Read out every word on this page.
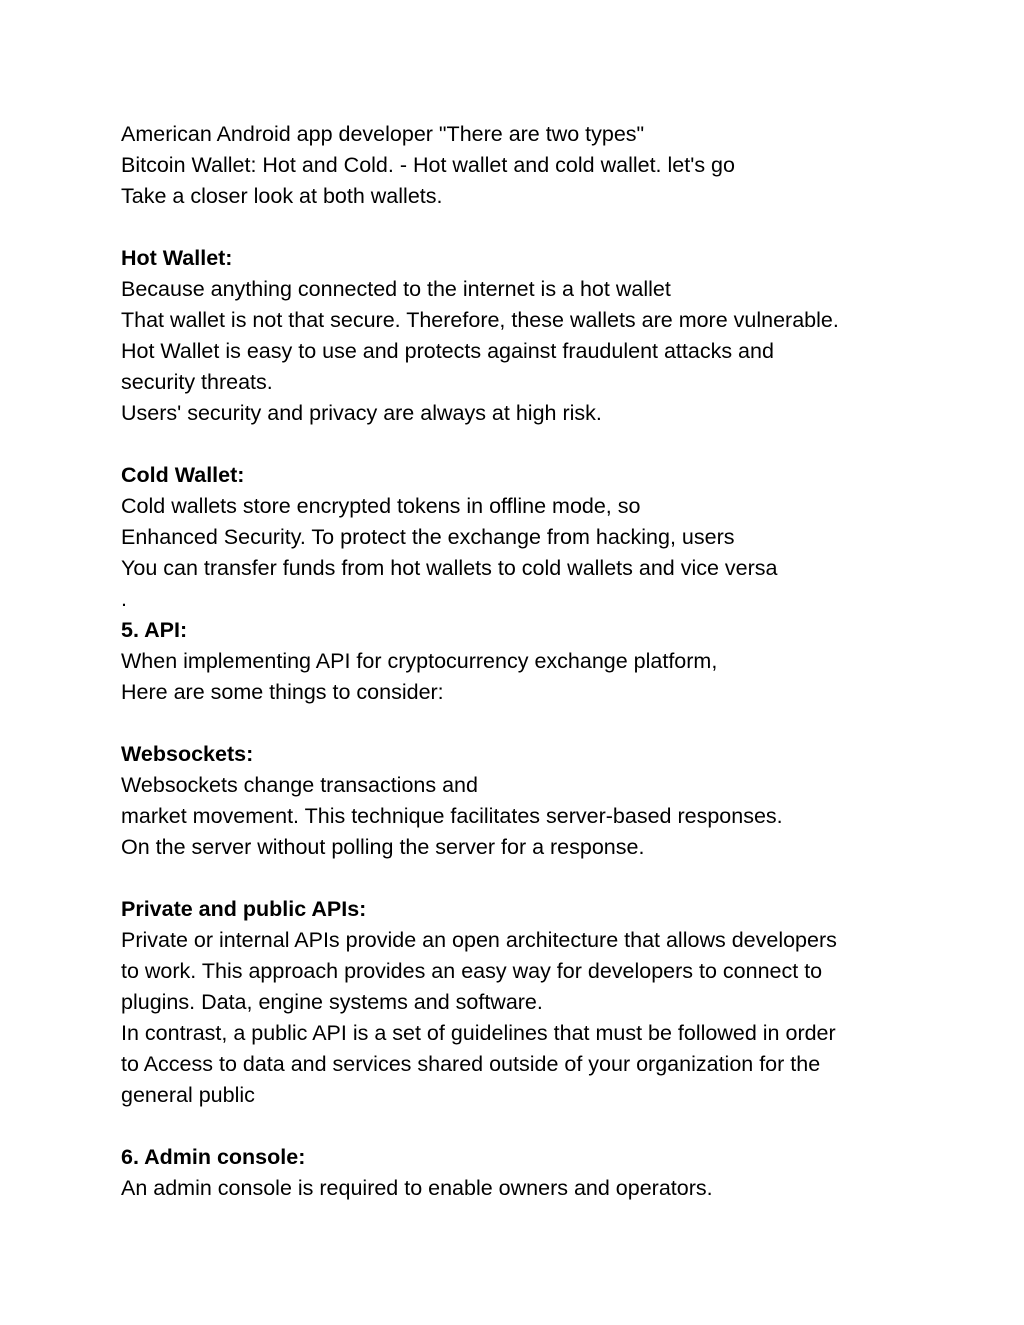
American Android app developer "There are two types"
Bitcoin Wallet: Hot and Cold. - Hot wallet and cold wallet. let's go
Take a closer look at both wallets.
Hot Wallet:
Because anything connected to the internet is a hot wallet
That wallet is not that secure. Therefore, these wallets are more vulnerable.
Hot Wallet is easy to use and protects against fraudulent attacks and
security threats.
Users' security and privacy are always at high risk.
Cold Wallet:
Cold wallets store encrypted tokens in offline mode, so
Enhanced Security. To protect the exchange from hacking, users
You can transfer funds from hot wallets to cold wallets and vice versa
.
5. API:
When implementing API for cryptocurrency exchange platform,
Here are some things to consider:
Websockets:
Websockets change transactions and
market movement. This technique facilitates server-based responses.
On the server without polling the server for a response.
Private and public APIs:
Private or internal APIs provide an open architecture that allows developers
to work. This approach provides an easy way for developers to connect to
plugins. Data, engine systems and software.
In contrast, a public API is a set of guidelines that must be followed in order
to Access to data and services shared outside of your organization for the
general public
6. Admin console:
An admin console is required to enable owners and operators.
